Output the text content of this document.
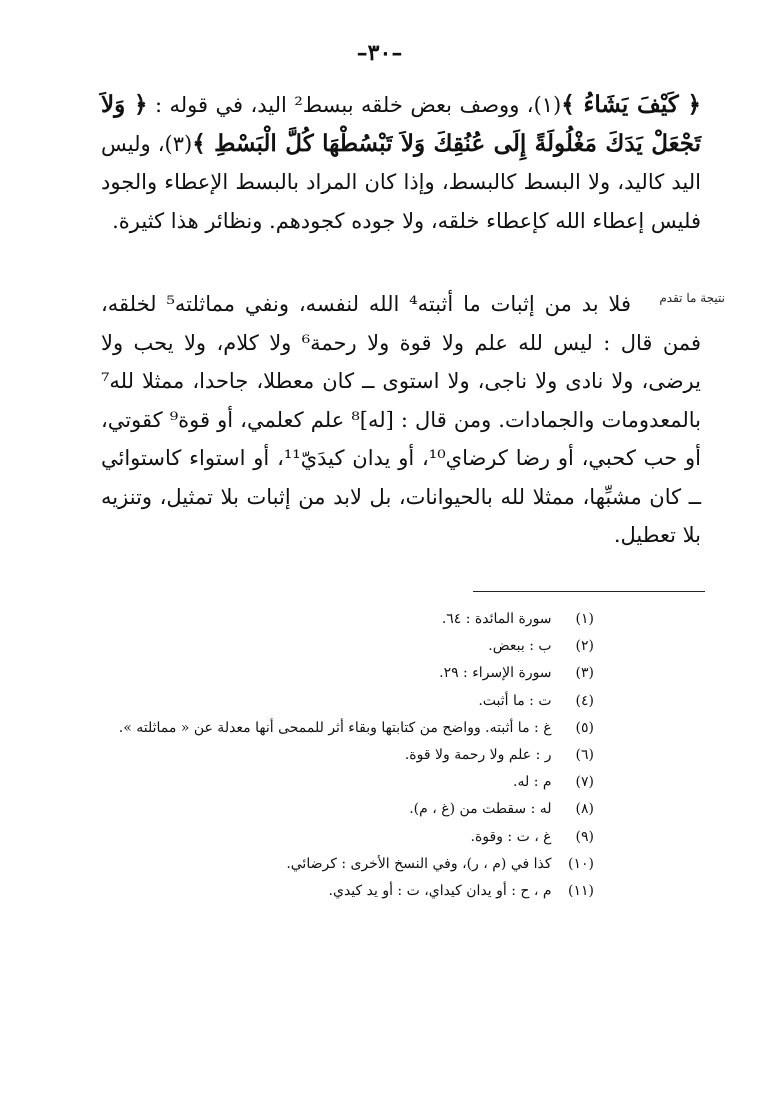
–٣٠–

﴿ كَيْفَ يَشَاءُ ﴾(١)، ووصف بعض خلقه ببسط² اليد، في قوله : ﴿ وَلاَ تَجْعَلْ يَدَكَ مَغْلُولَةً إِلَى عُنُقِكَ وَلاَ تَبْسُطْهَا كُلَّ الْبَسْطِ ﴾(٣)، وليس اليد كاليد، ولا البسط كالبسط، وإذا كان المراد بالبسط الإعطاء والجود فليس إعطاء الله كإعطاء خلقه، ولا جوده كجودهم. ونظائر هذا كثيرة.

نتيجة ما تقدم

فلا بد من إثبات ما أثبته⁴ الله لنفسه، ونفي مماثلته⁵ لخلقه، فمن قال : ليس لله علم ولا قوة ولا رحمة⁶ ولا كلام، ولا يحب ولا يرضى، ولا نادى ولا ناجى، ولا استوى ــ كان معطلا، جاحدا، ممثلا لله⁷ بالمعدومات والجمادات. ومن قال : [له]⁸ علم كعلمي، أو قوة⁹ كقوتي، أو حب كحبي، أو رضا كرضاي¹⁰، أو يدان كيدَيّ¹¹، أو استواء كاستوائي ــ كان مشبِّها، ممثلا لله بالحيوانات، بل لابد من إثبات بلا تمثيل، وتنزيه بلا تعطيل.

(١) سورة المائدة : ٦٤.
(٢) ب : ببعض.
(٣) سورة الإسراء : ٢٩.
(٤) ت : ما أثبت.
(٥) غ : ما أثبته. وواضح من كتابتها وبقاء أثر للممحى أنها معدلة عن « مماثلته ».
(٦) ر : علم ولا رحمة ولا قوة.
(٧) م : له.
(٨) له : سقطت من (غ ، م).
(٩) غ ، ت : وقوة.
(١٠) كذا في (م ، ر)، وفي النسخ الأخرى : كرضائي.
(١١) م ، ح : أو يدان كيداي، ت : أو يد كيدي.
